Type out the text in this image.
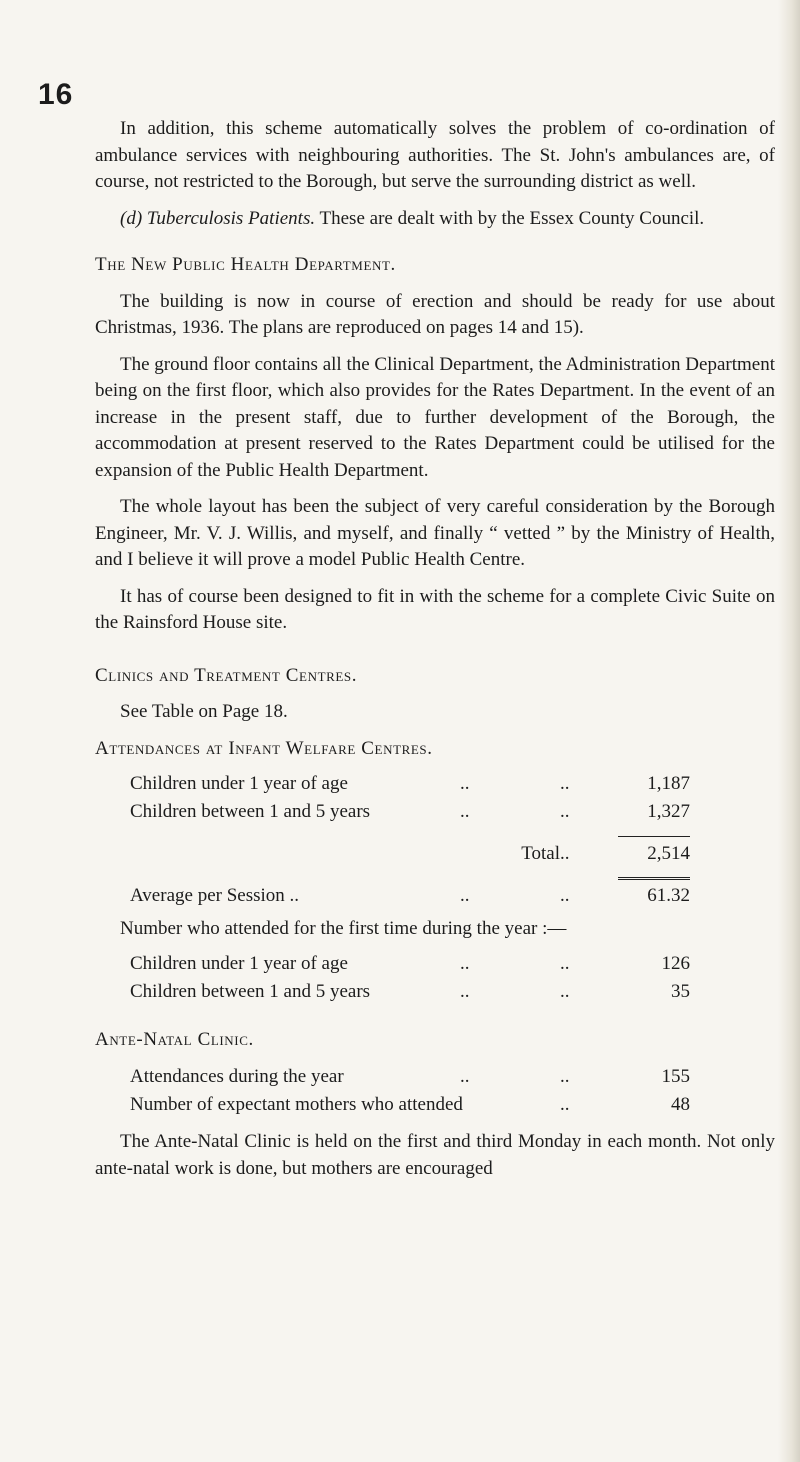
16

In addition, this scheme automatically solves the problem of co-ordination of ambulance services with neighbouring authorities. The St. John's ambulances are, of course, not restricted to the Borough, but serve the surrounding district as well.

(d) Tuberculosis Patients. These are dealt with by the Essex County Council.

The New Public Health Department.

The building is now in course of erection and should be ready for use about Christmas, 1936. The plans are reproduced on pages 14 and 15).

The ground floor contains all the Clinical Department, the Administration Department being on the first floor, which also provides for the Rates Department. In the event of an increase in the present staff, due to further development of the Borough, the accommodation at present reserved to the Rates Department could be utilised for the expansion of the Public Health Department.

The whole layout has been the subject of very careful consideration by the Borough Engineer, Mr. V. J. Willis, and myself, and finally “ vetted ” by the Ministry of Health, and I believe it will prove a model Public Health Centre.

It has of course been designed to fit in with the scheme for a complete Civic Suite on the Rainsford House site.

Clinics and Treatment Centres.

See Table on Page 18.

Attendances at Infant Welfare Centres.

Children under 1 year of age	..	..	1,187
Children between 1 and 5 years	..	..	1,327

Total		..	2,514

Average per Session ..	..	..	61.32

Number who attended for the first time during the year :—

Children under 1 year of age	..	..	126
Children between 1 and 5 years	..	..	35

Ante-Natal Clinic.

Attendances during the year	..	..	155
Number of expectant mothers who attended		..	48

The Ante-Natal Clinic is held on the first and third Monday in each month. Not only ante-natal work is done, but mothers are encouraged
